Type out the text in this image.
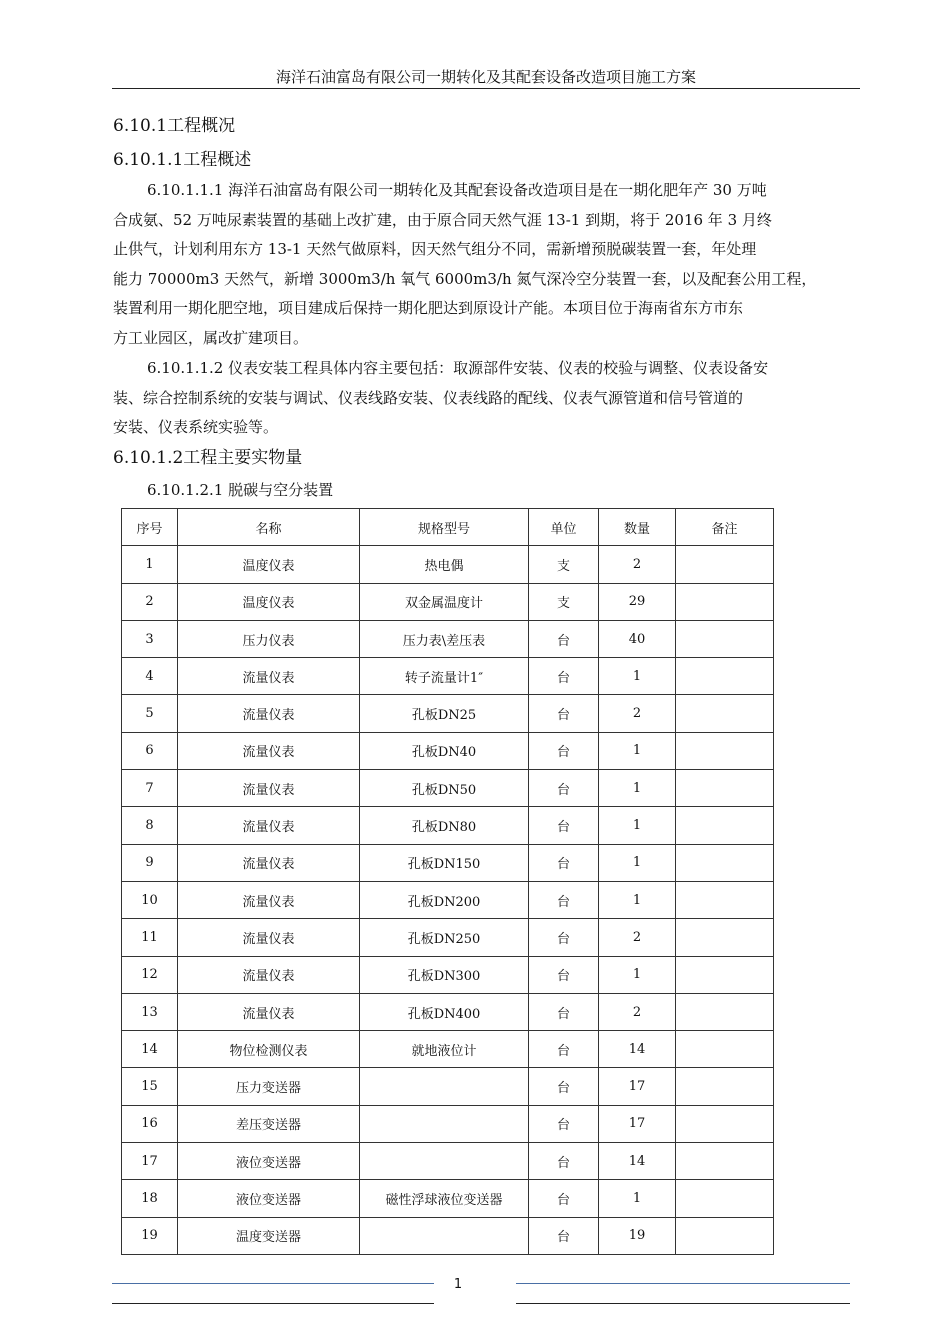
海洋石油富岛有限公司一期转化及其配套设备改造项目施工方案
6.10.1工程概况
6.10.1.1工程概述
6.10.1.1.1 海洋石油富岛有限公司一期转化及其配套设备改造项目是在一期化肥年产 30 万吨
合成氨、52 万吨尿素装置的基础上改扩建，由于原合同天然气涯 13-1 到期，将于 2016 年 3 月终
止供气，计划利用东方 13-1 天然气做原料，因天然气组分不同，需新增预脱碳装置一套，年处理
能力 70000m3 天然气，新增 3000m3/h 氧气 6000m3/h 氮气深冷空分装置一套，以及配套公用工程，
装置利用一期化肥空地，项目建成后保持一期化肥达到原设计产能。本项目位于海南省东方市东
方工业园区，属改扩建项目。
6.10.1.1.2 仪表安装工程具体内容主要包括：取源部件安装、仪表的校验与调整、仪表设备安
装、综合控制系统的安装与调试、仪表线路安装、仪表线路的配线、仪表气源管道和信号管道的
安装、仪表系统实验等。
6.10.1.2工程主要实物量
6.10.1.2.1 脱碳与空分装置
序号	名称	规格型号	单位	数量	备注
1	温度仪表	热电偶	支	2	
2	温度仪表	双金属温度计	支	29	
3	压力仪表	压力表\差压表	台	40	
4	流量仪表	转子流量计1″	台	1	
5	流量仪表	孔板DN25	台	2	
6	流量仪表	孔板DN40	台	1	
7	流量仪表	孔板DN50	台	1	
8	流量仪表	孔板DN80	台	1	
9	流量仪表	孔板DN150	台	1	
10	流量仪表	孔板DN200	台	1	
11	流量仪表	孔板DN250	台	2	
12	流量仪表	孔板DN300	台	1	
13	流量仪表	孔板DN400	台	2	
14	物位检测仪表	就地液位计	台	14	
15	压力变送器		台	17	
16	差压变送器		台	17	
17	液位变送器		台	14	
18	液位变送器	磁性浮球液位变送器	台	1	
19	温度变送器		台	19	
1
